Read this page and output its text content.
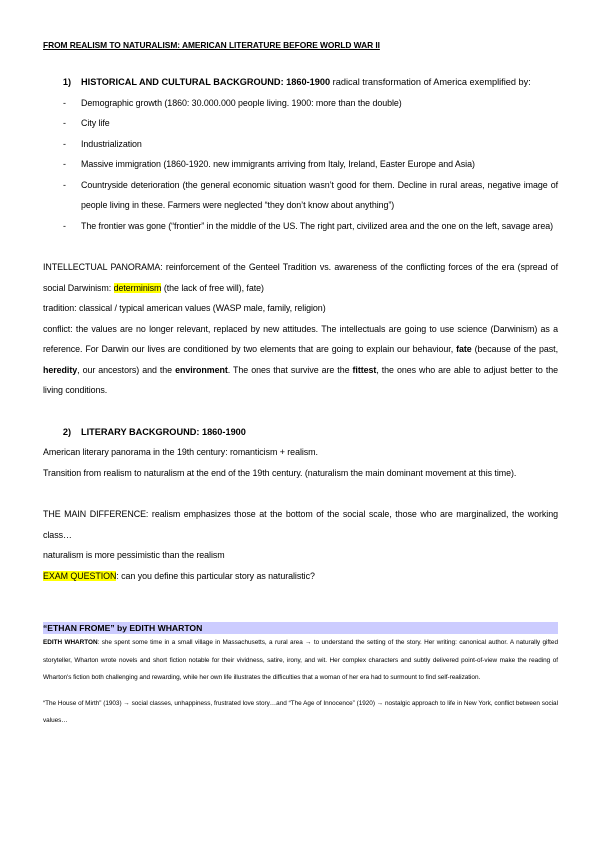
FROM REALISM TO NATURALISM: AMERICAN LITERATURE BEFORE WORLD WAR II
1)	HISTORICAL AND CULTURAL BACKGROUND: 1860-1900 radical transformation of America exemplified by:
- Demographic growth (1860: 30.000.000 people living. 1900: more than the double)
- City life
- Industrialization
- Massive immigration (1860-1920. new immigrants arriving from Italy, Ireland, Easter Europe and Asia)
- Countryside deterioration (the general economic situation wasn’t good for them. Decline in rural areas, negative image of people living in these. Farmers were neglected “they don’t know about anything”)
- The frontier was gone (“frontier” in the middle of the US. The right part, civilized area and the one on the left, savage area)

INTELLECTUAL PANORAMA: reinforcement of the Genteel Tradition vs. awareness of the conflicting forces of the era (spread of social Darwinism: determinism (the lack of free will), fate)

tradition: classical / typical american values (WASP male, family, religion)

conflict: the values are no longer relevant, replaced by new attitudes. The intellectuals are going to use science (Darwinism) as a reference. For Darwin our lives are conditioned by two elements that are going to explain our behaviour, fate (because of the past, heredity, our ancestors) and the environment. The ones that survive are the fittest, the ones who are able to adjust better to the living conditions.

2)	LITERARY BACKGROUND: 1860-1900

American literary panorama in the 19th century: romanticism + realism.

Transition from realism to naturalism at the end of the 19th century. (naturalism the main dominant movement at this time).

THE MAIN DIFFERENCE: realism emphasizes those at the bottom of the social scale, those who are marginalized, the working class…

naturalism is more pessimistic than the realism

EXAM QUESTION: can you define this particular story as naturalistic?

“ETHAN FROME” by EDITH WHARTON

EDITH WHARTON: she spent some time in a small village in Massachusetts, a rural area → to understand the setting of the story. Her writing: canonical author. A naturally gifted storyteller, Wharton wrote novels and short fiction notable for their vividness, satire, irony, and wit. Her complex characters and subtly delivered point-of-view make the reading of Wharton's fiction both challenging and rewarding, while her own life illustrates the difficulties that a woman of her era had to surmount to find self-realization.

“The House of Mirth” (1903) → social classes, unhappiness, frustrated love story…and “The Age of Innocence” (1920) → nostalgic approach to life in New York, conflict between social values…
